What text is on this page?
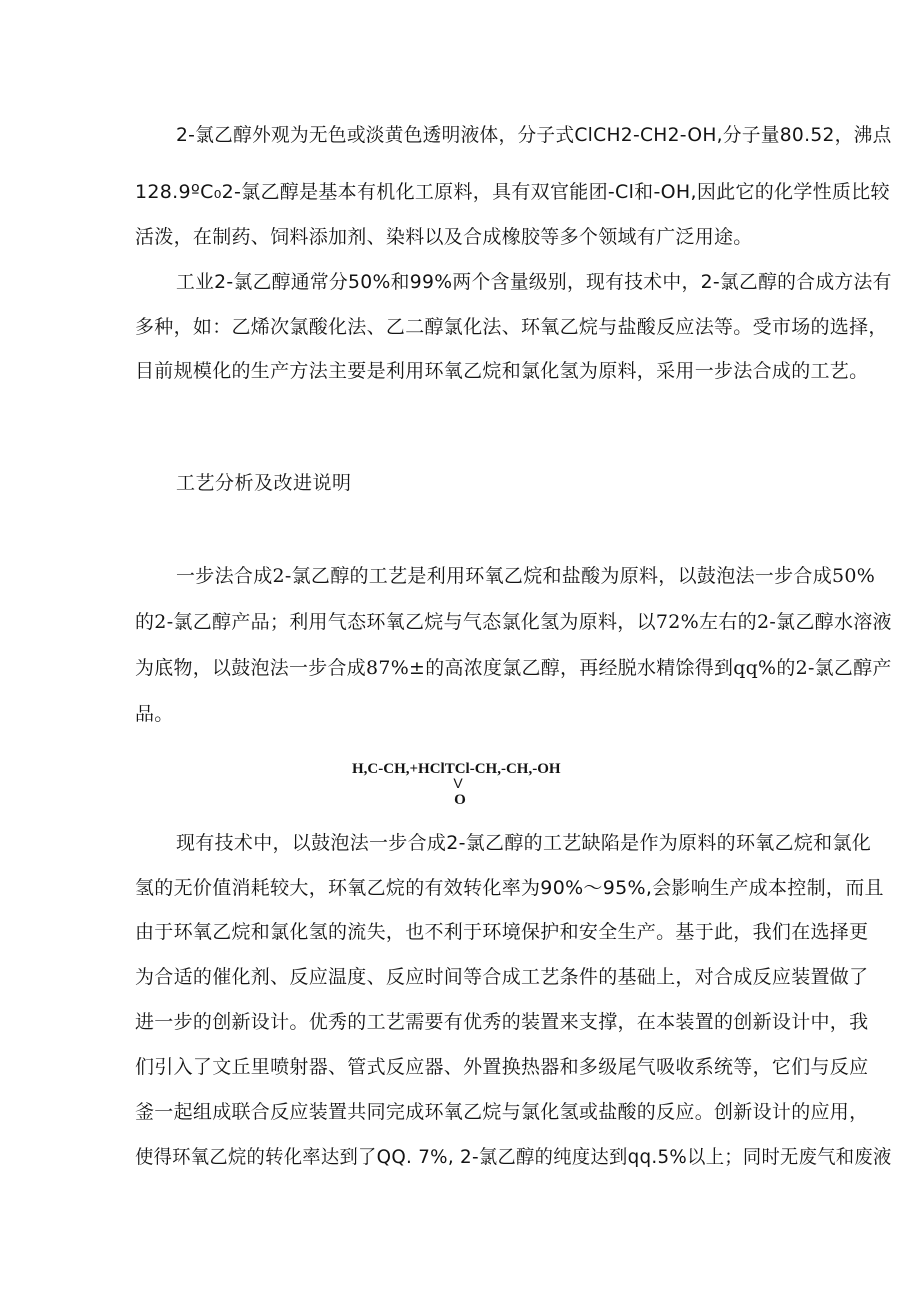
2-氯乙醇外观为无色或淡黄色透明液体，分子式ClCH2-CH2-OH,分子量80.52，沸点
128.9ºC₀2-氯乙醇是基本有机化工原料，具有双官能团-Cl和-OH,因此它的化学性质比较
活泼，在制药、饲料添加剂、染料以及合成橡胶等多个领域有广泛用途。
工业2-氯乙醇通常分50%和99%两个含量级别，现有技术中，2-氯乙醇的合成方法有
多种，如：乙烯次氯酸化法、乙二醇氯化法、环氧乙烷与盐酸反应法等。受市场的选择，
目前规模化的生产方法主要是利用环氧乙烷和氯化氢为原料，采用一步法合成的工艺。
工艺分析及改进说明
一步法合成2-氯乙醇的工艺是利用环氧乙烷和盐酸为原料，以鼓泡法一步合成50%
的2-氯乙醇产品；利用气态环氧乙烷与气态氯化氢为原料，以72%左右的2-氯乙醇水溶液
为底物，以鼓泡法一步合成87%±的高浓度氯乙醇，再经脱水精馀得到qq%的2-氯乙醇产
品。
H,C-CH,+HClTCl-CH,-CH,-OH
V
O
现有技术中，以鼓泡法一步合成2-氯乙醇的工艺缺陷是作为原料的环氧乙烷和氯化
氢的无价值消耗较大，环氧乙烷的有效转化率为90%～95%,会影响生产成本控制，而且
由于环氧乙烷和氯化氢的流失，也不利于环境保护和安全生产。基于此，我们在选择更
为合适的催化剂、反应温度、反应时间等合成工艺条件的基础上，对合成反应装置做了
进一步的创新设计。优秀的工艺需要有优秀的装置来支撑，在本装置的创新设计中，我
们引入了文丘里喷射器、管式反应器、外置换热器和多级尾气吸收系统等，它们与反应
釜一起组成联合反应装置共同完成环氧乙烷与氯化氢或盐酸的反应。创新设计的应用，
使得环氧乙烷的转化率达到了QQ. 7%, 2-氯乙醇的纯度达到qq.5%以上；同时无废气和废液
